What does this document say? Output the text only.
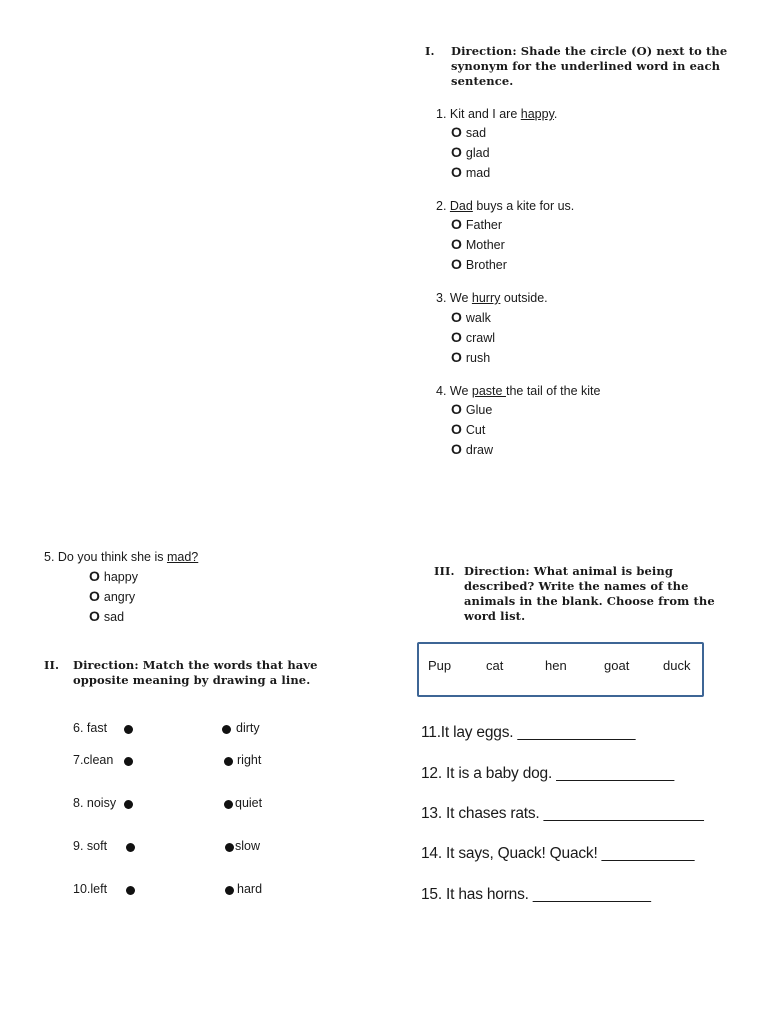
I. Direction: Shade the circle (O) next to the
synonym for the underlined word in each
sentence.
1. Kit and I are happy.
O sad
O glad
O mad
2. Dad buys a kite for us.
O Father
O Mother
O Brother
3. We hurry outside.
O walk
O crawl
O rush
4. We paste the tail of the kite
O Glue
O Cut
O draw
5. Do you think she is mad?
O happy
O angry
O sad
II. Direction: Match the words that have
opposite meaning by drawing a line.
6. fast	dirty
7.clean	right
8. noisy	quiet
9. soft	slow
10.left	hard
III. Direction: What animal is being
described? Write the names of the
animals in the blank. Choose from the
word list.
Pup	cat	hen	goat	duck
11.It lay eggs. ______________
12. It is a baby dog. ______________
13. It chases rats. ___________________
14. It says, Quack! Quack! ___________
15. It has horns. ______________
